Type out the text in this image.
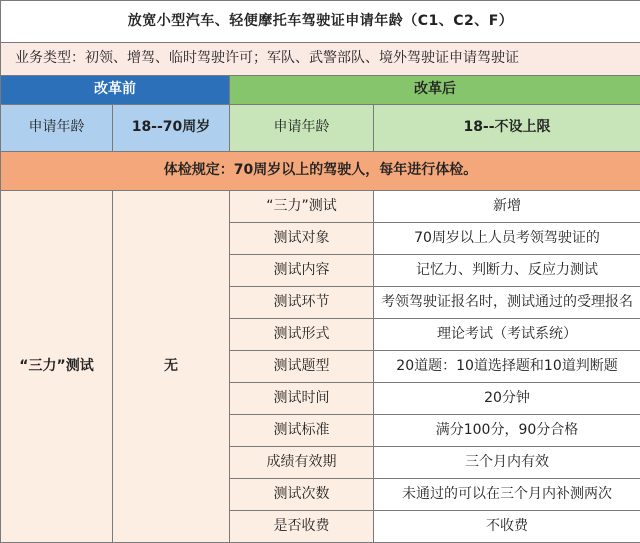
放宽小型汽车、轻便摩托车驾驶证申请年龄（C1、C2、F）			
业务类型：初领、增驾、临时驾驶许可；军队、武警部队、境外驾驶证申请驾驶证			
改革前		改革后	
申请年龄	18--70周岁	申请年龄	18--不设上限
体检规定：70周岁以上的驾驶人，每年进行体检。			
“三力”测试	无	“三力”测试	新增
		测试对象	70周岁以上人员考领驾驶证的
		测试内容	记忆力、判断力、反应力测试
		测试环节	考领驾驶证报名时，测试通过的受理报名
		测试形式	理论考试（考试系统）
		测试题型	20道题：10道选择题和10道判断题
		测试时间	20分钟
		测试标准	满分100分，90分合格
		成绩有效期	三个月内有效
		测试次数	未通过的可以在三个月内补测两次
		是否收费	不收费
